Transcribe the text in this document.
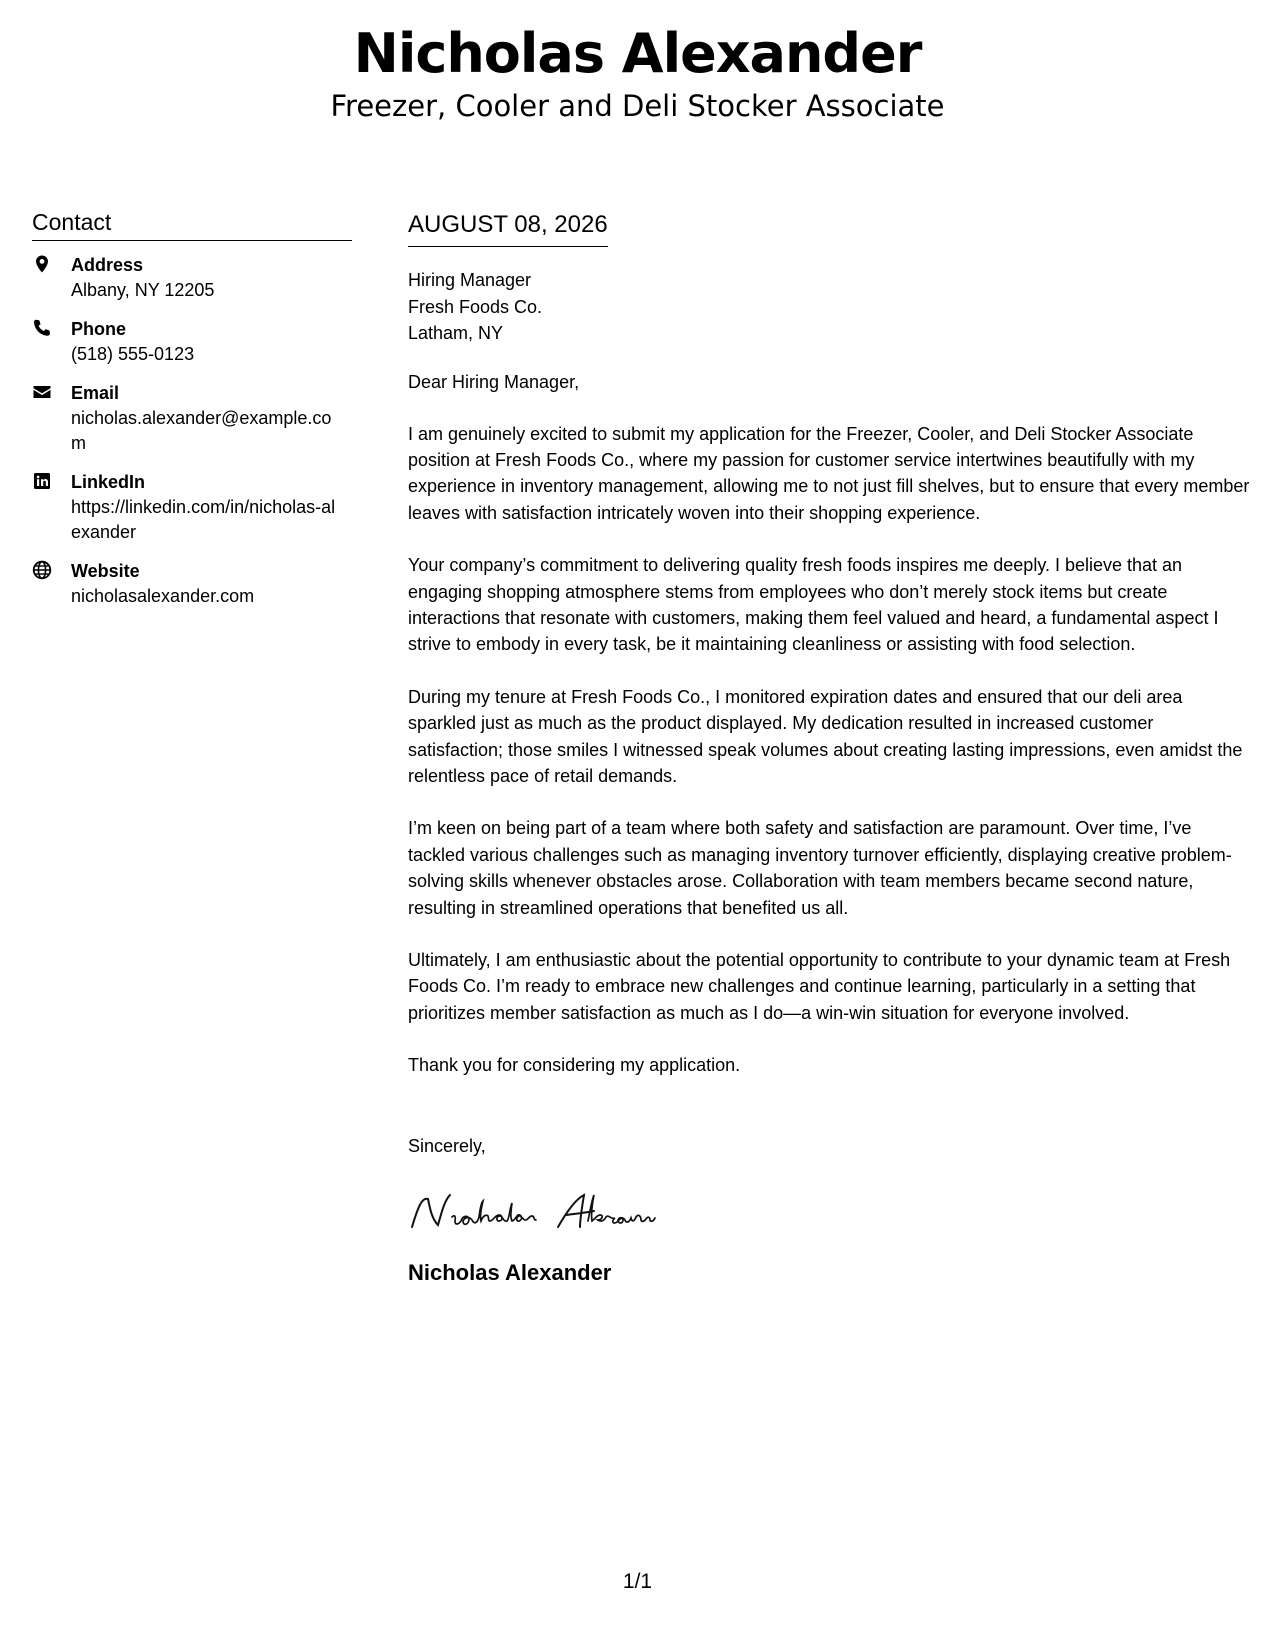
Nicholas Alexander
Freezer, Cooler and Deli Stocker Associate
Contact
Address
Albany, NY 12205
Phone
(518) 555-0123
Email
nicholas.alexander@example.com
LinkedIn
https://linkedin.com/in/nicholas-alexander
Website
nicholasalexander.com
AUGUST 08, 2026
Hiring Manager
Fresh Foods Co.
Latham, NY
Dear Hiring Manager,

I am genuinely excited to submit my application for the Freezer, Cooler, and Deli Stocker Associate position at Fresh Foods Co., where my passion for customer service intertwines beautifully with my experience in inventory management, allowing me to not just fill shelves, but to ensure that every member leaves with satisfaction intricately woven into their shopping experience.

Your company’s commitment to delivering quality fresh foods inspires me deeply. I believe that an engaging shopping atmosphere stems from employees who don’t merely stock items but create interactions that resonate with customers, making them feel valued and heard, a fundamental aspect I strive to embody in every task, be it maintaining cleanliness or assisting with food selection.

During my tenure at Fresh Foods Co., I monitored expiration dates and ensured that our deli area sparkled just as much as the product displayed. My dedication resulted in increased customer satisfaction; those smiles I witnessed speak volumes about creating lasting impressions, even amidst the relentless pace of retail demands.

I’m keen on being part of a team where both safety and satisfaction are paramount. Over time, I’ve tackled various challenges such as managing inventory turnover efficiently, displaying creative problem-solving skills whenever obstacles arose. Collaboration with team members became second nature, resulting in streamlined operations that benefited us all.

Ultimately, I am enthusiastic about the potential opportunity to contribute to your dynamic team at Fresh Foods Co. I’m ready to embrace new challenges and continue learning, particularly in a setting that prioritizes member satisfaction as much as I do—a win-win situation for everyone involved.

Thank you for considering my application.

Sincerely,
Nicholas Alexander
1/1
